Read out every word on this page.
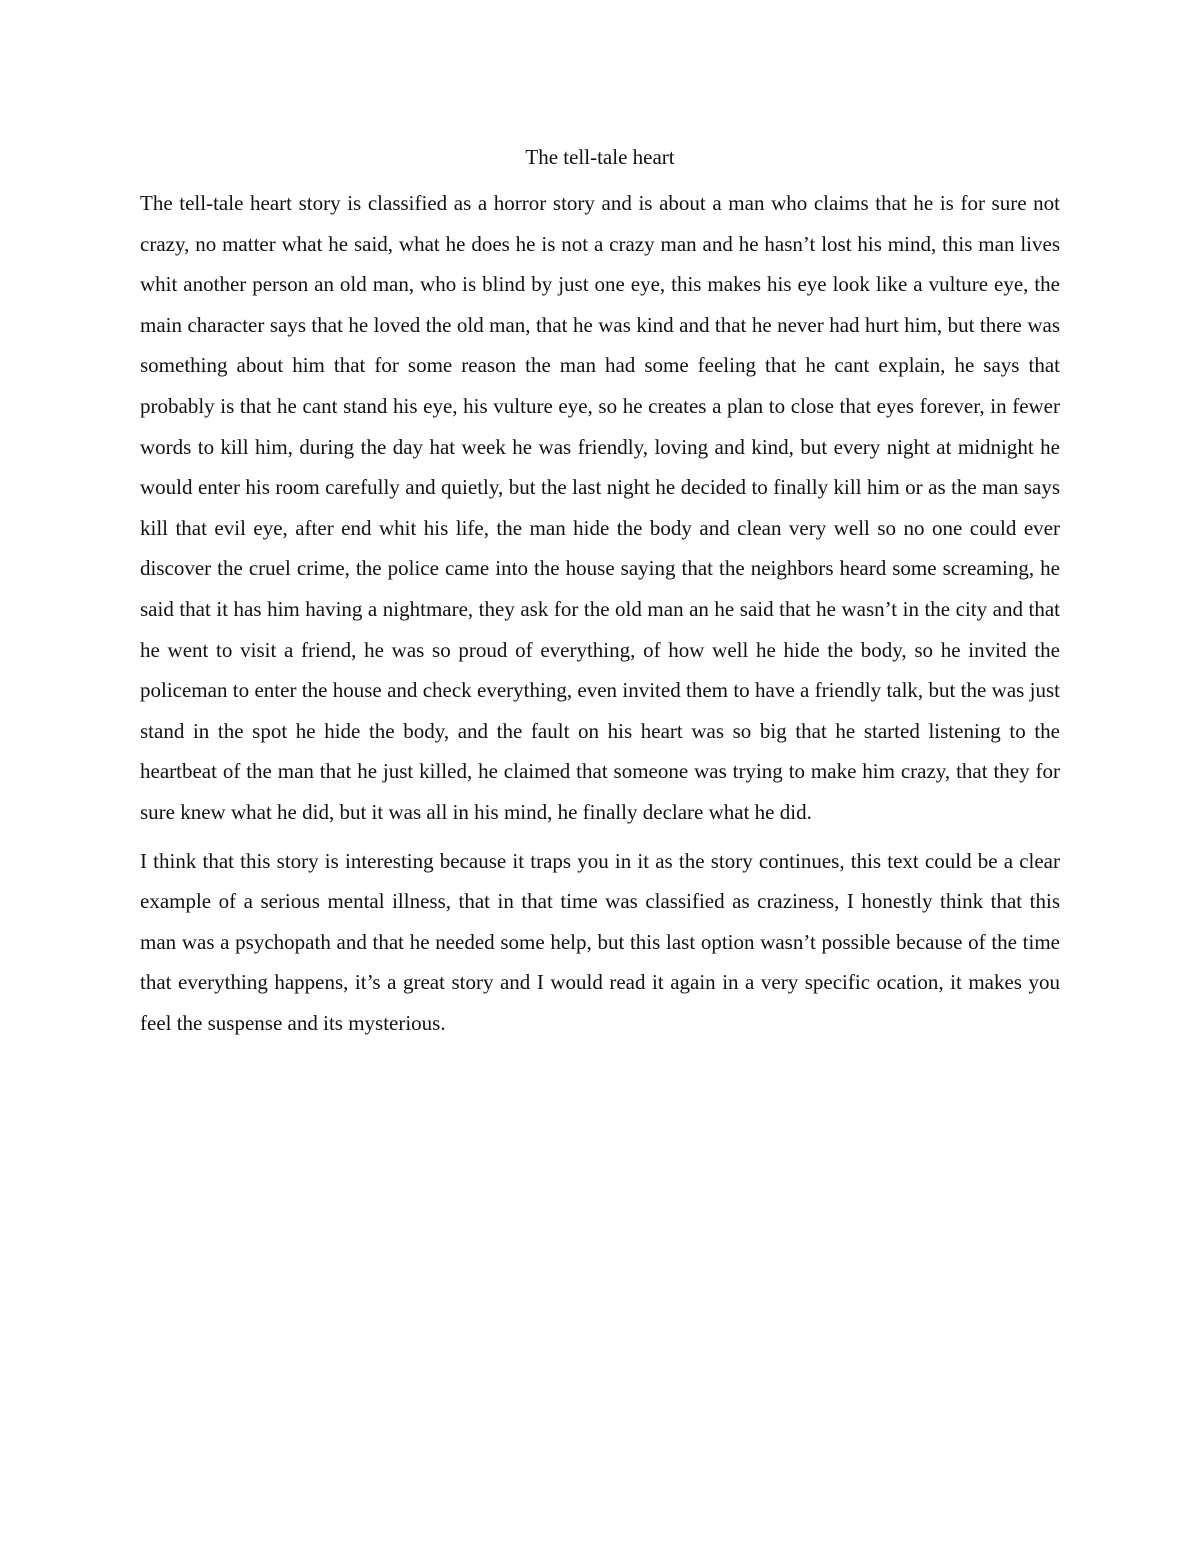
The tell-tale heart

The tell-tale heart story is classified as a horror story and is about a man who claims that he is for sure not crazy, no matter what he said, what he does he is not a crazy man and he hasn’t lost his mind, this man lives whit another person an old man, who is blind by just one eye, this makes his eye look like a vulture eye, the main character says that he loved the old man, that he was kind and that he never had hurt him, but there was something about him that for some reason the man had some feeling that he cant explain, he says that probably is that he cant stand his eye, his vulture eye, so he creates a plan to close that eyes forever, in fewer words to kill him, during the day hat week he was friendly, loving and kind, but every night at midnight he would enter his room carefully and quietly, but the last night he decided to finally kill him or as the man says kill that evil eye, after end whit his life, the man hide the body and clean very well so no one could ever discover the cruel crime, the police came into the house saying that the neighbors heard some screaming, he said that it has him having a nightmare, they ask for the old man an he said that he wasn’t in the city and that he went to visit a friend, he was so proud of everything, of how well he hide the body, so he invited the policeman to enter the house and check everything, even invited them to have a friendly talk, but the was just stand in the spot he hide the body, and the fault on his heart was so big that he started listening to the heartbeat of the man that he just killed, he claimed that someone was trying to make him crazy, that they for sure knew what he did, but it was all in his mind, he finally declare what he did.

I think that this story is interesting because it traps you in it as the story continues, this text could be a clear example of a serious mental illness, that in that time was classified as craziness, I honestly think that this man was a psychopath and that he needed some help, but this last option wasn’t possible because of the time that everything happens, it’s a great story and I would read it again in a very specific ocation, it makes you feel the suspense and its mysterious.
